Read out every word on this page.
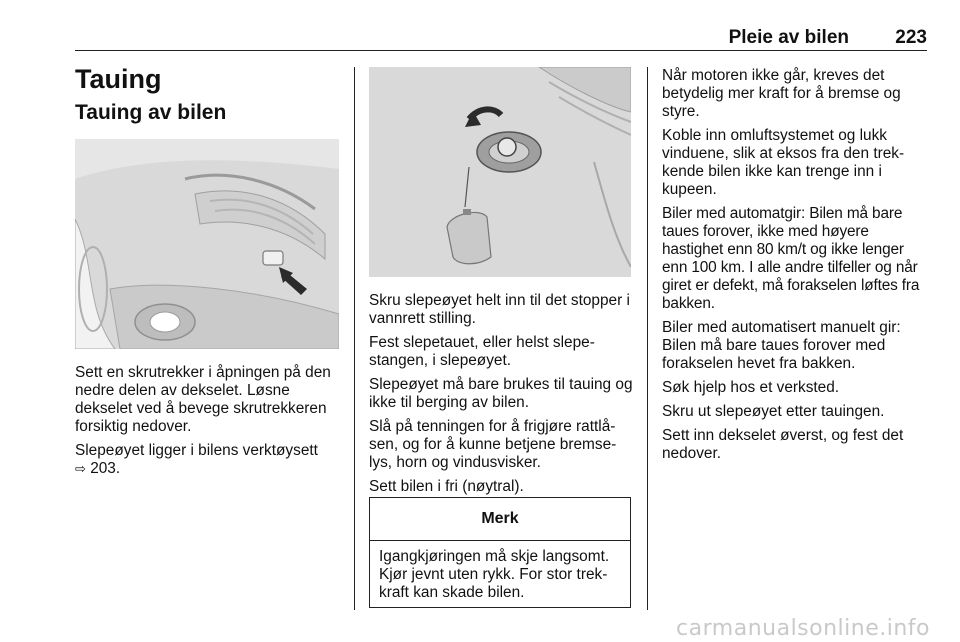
Pleie av bilen 223
Tauing
Tauing av bilen

Sett en skrutrekker i åpningen på den nedre delen av dekselet. Løsne dekselet ved å bevege skrutrekkeren forsiktig nedover.

Slepeøyet ligger i bilens verktøysett
⇨ 203.

Skru slepeøyet helt inn til det stopper i vannrett stilling.

Fest slepetauet, eller helst slepe-stangen, i slepeøyet.

Slepeøyet må bare brukes til tauing og ikke til berging av bilen.

Slå på tenningen for å frigjøre rattlå-sen, og for å kunne betjene bremse-lys, horn og vindusvisker.

Sett bilen i fri (nøytral).

Merk
Igangkjøringen må skje langsomt. Kjør jevnt uten rykk. For stor trek-kraft kan skade bilen.

Når motoren ikke går, kreves det betydelig mer kraft for å bremse og styre.

Koble inn omluftsystemet og lukk vinduene, slik at eksos fra den trek-kende bilen ikke kan trenge inn i kupeen.

Biler med automatgir: Bilen må bare taues forover, ikke med høyere hastighet enn 80 km/t og ikke lenger enn 100 km. I alle andre tilfeller og når giret er defekt, må forakselen løftes fra bakken.

Biler med automatisert manuelt gir: Bilen må bare taues forover med forakselen hevet fra bakken.

Søk hjelp hos et verksted.

Skru ut slepeøyet etter tauingen.

Sett inn dekselet øverst, og fest det nedover.

carmanualsonline.info
